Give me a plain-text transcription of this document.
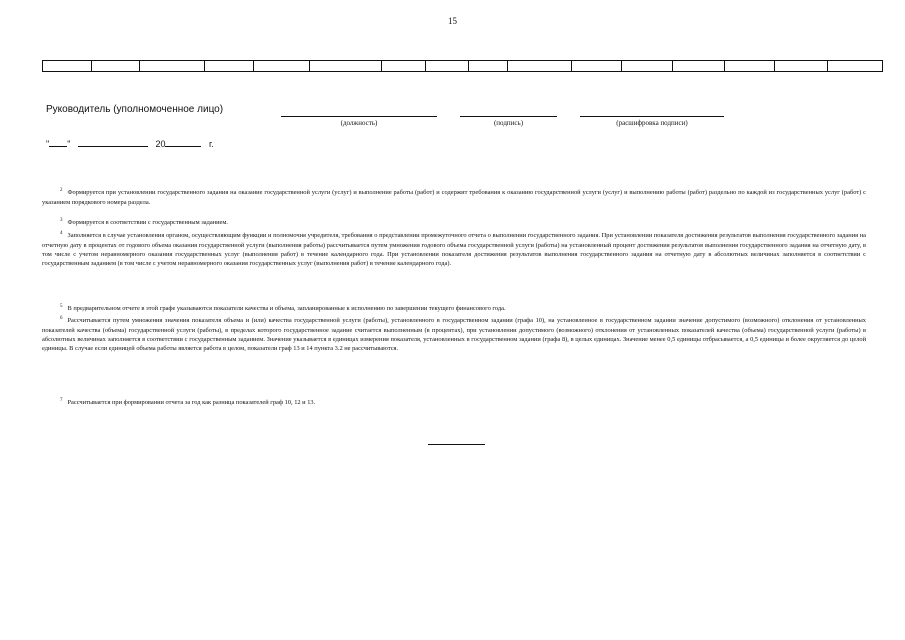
15

Руководитель (уполномоченное лицо)
(должность)	(подпись)	(расшифровка подписи)
" "	20	г.

$^2$ Формируется при установлении государственного задания на оказание государственной услуги (услуг) и выполнение работы (работ) и содержит требования к оказанию государственной услуги (услуг) и выполнению работы (работ) раздельно по каждой из государственных услуг (работ) с указанием порядкового номера раздела.

$^3$ Формируется в соответствии с государственным заданием.

$^4$ Заполняется в случае установления органом, осуществляющим функции и полномочия учредителя, требования о представлении промежуточного отчета о выполнении государственного задания. При установлении показателя достижения результатов выполнения государственного задания на отчетную дату в процентах от годового объема оказания государственной услуги (выполнения работы) рассчитывается путем умножения годового объема государственной услуги (работы) на установленный процент достижения результатов выполнения государственного задания на отчетную дату, в том числе с учетом неравномерного оказания государственных услуг (выполнения работ) в течение календарного года. При установлении показателя достижения результатов выполнения государственного задания на отчетную дату в абсолютных величинах заполняется в соответствии с государственным заданием (в том числе с учетом неравномерного оказания государственных услуг (выполнения работ) в течение календарного года).

$^5$ В предварительном отчете в этой графе указываются показатели качества и объема, запланированные к исполнению по завершении текущего финансового года.

$^6$ Рассчитывается путем умножения значения показателя объема и (или) качества государственной услуги (работы), установленного в государственном задании (графа 10), на установленное в государственном задании значение допустимого (возможного) отклонения от установленных показателей качества (объема) государственной услуги (работы), в пределах которого государственное задание считается выполненным (в процентах), при установлении допустимого (возможного) отклонения от установленных показателей качества (объема) государственной услуги (работы) в абсолютных величинах заполняется в соответствии с государственным заданием. Значение указывается в единицах измерения показателя, установленных в государственном задании (графа 8), в целых единицах. Значение менее 0,5 единицы отбрасывается, а 0,5 единицы и более округляется до целой единицы. В случае если единицей объема работы является работа в целом, показатели граф 13 и 14 пункта 3.2 не рассчитываются.

$^7$ Рассчитывается при формировании отчета за год как разница показателей граф 10, 12 и 13.
